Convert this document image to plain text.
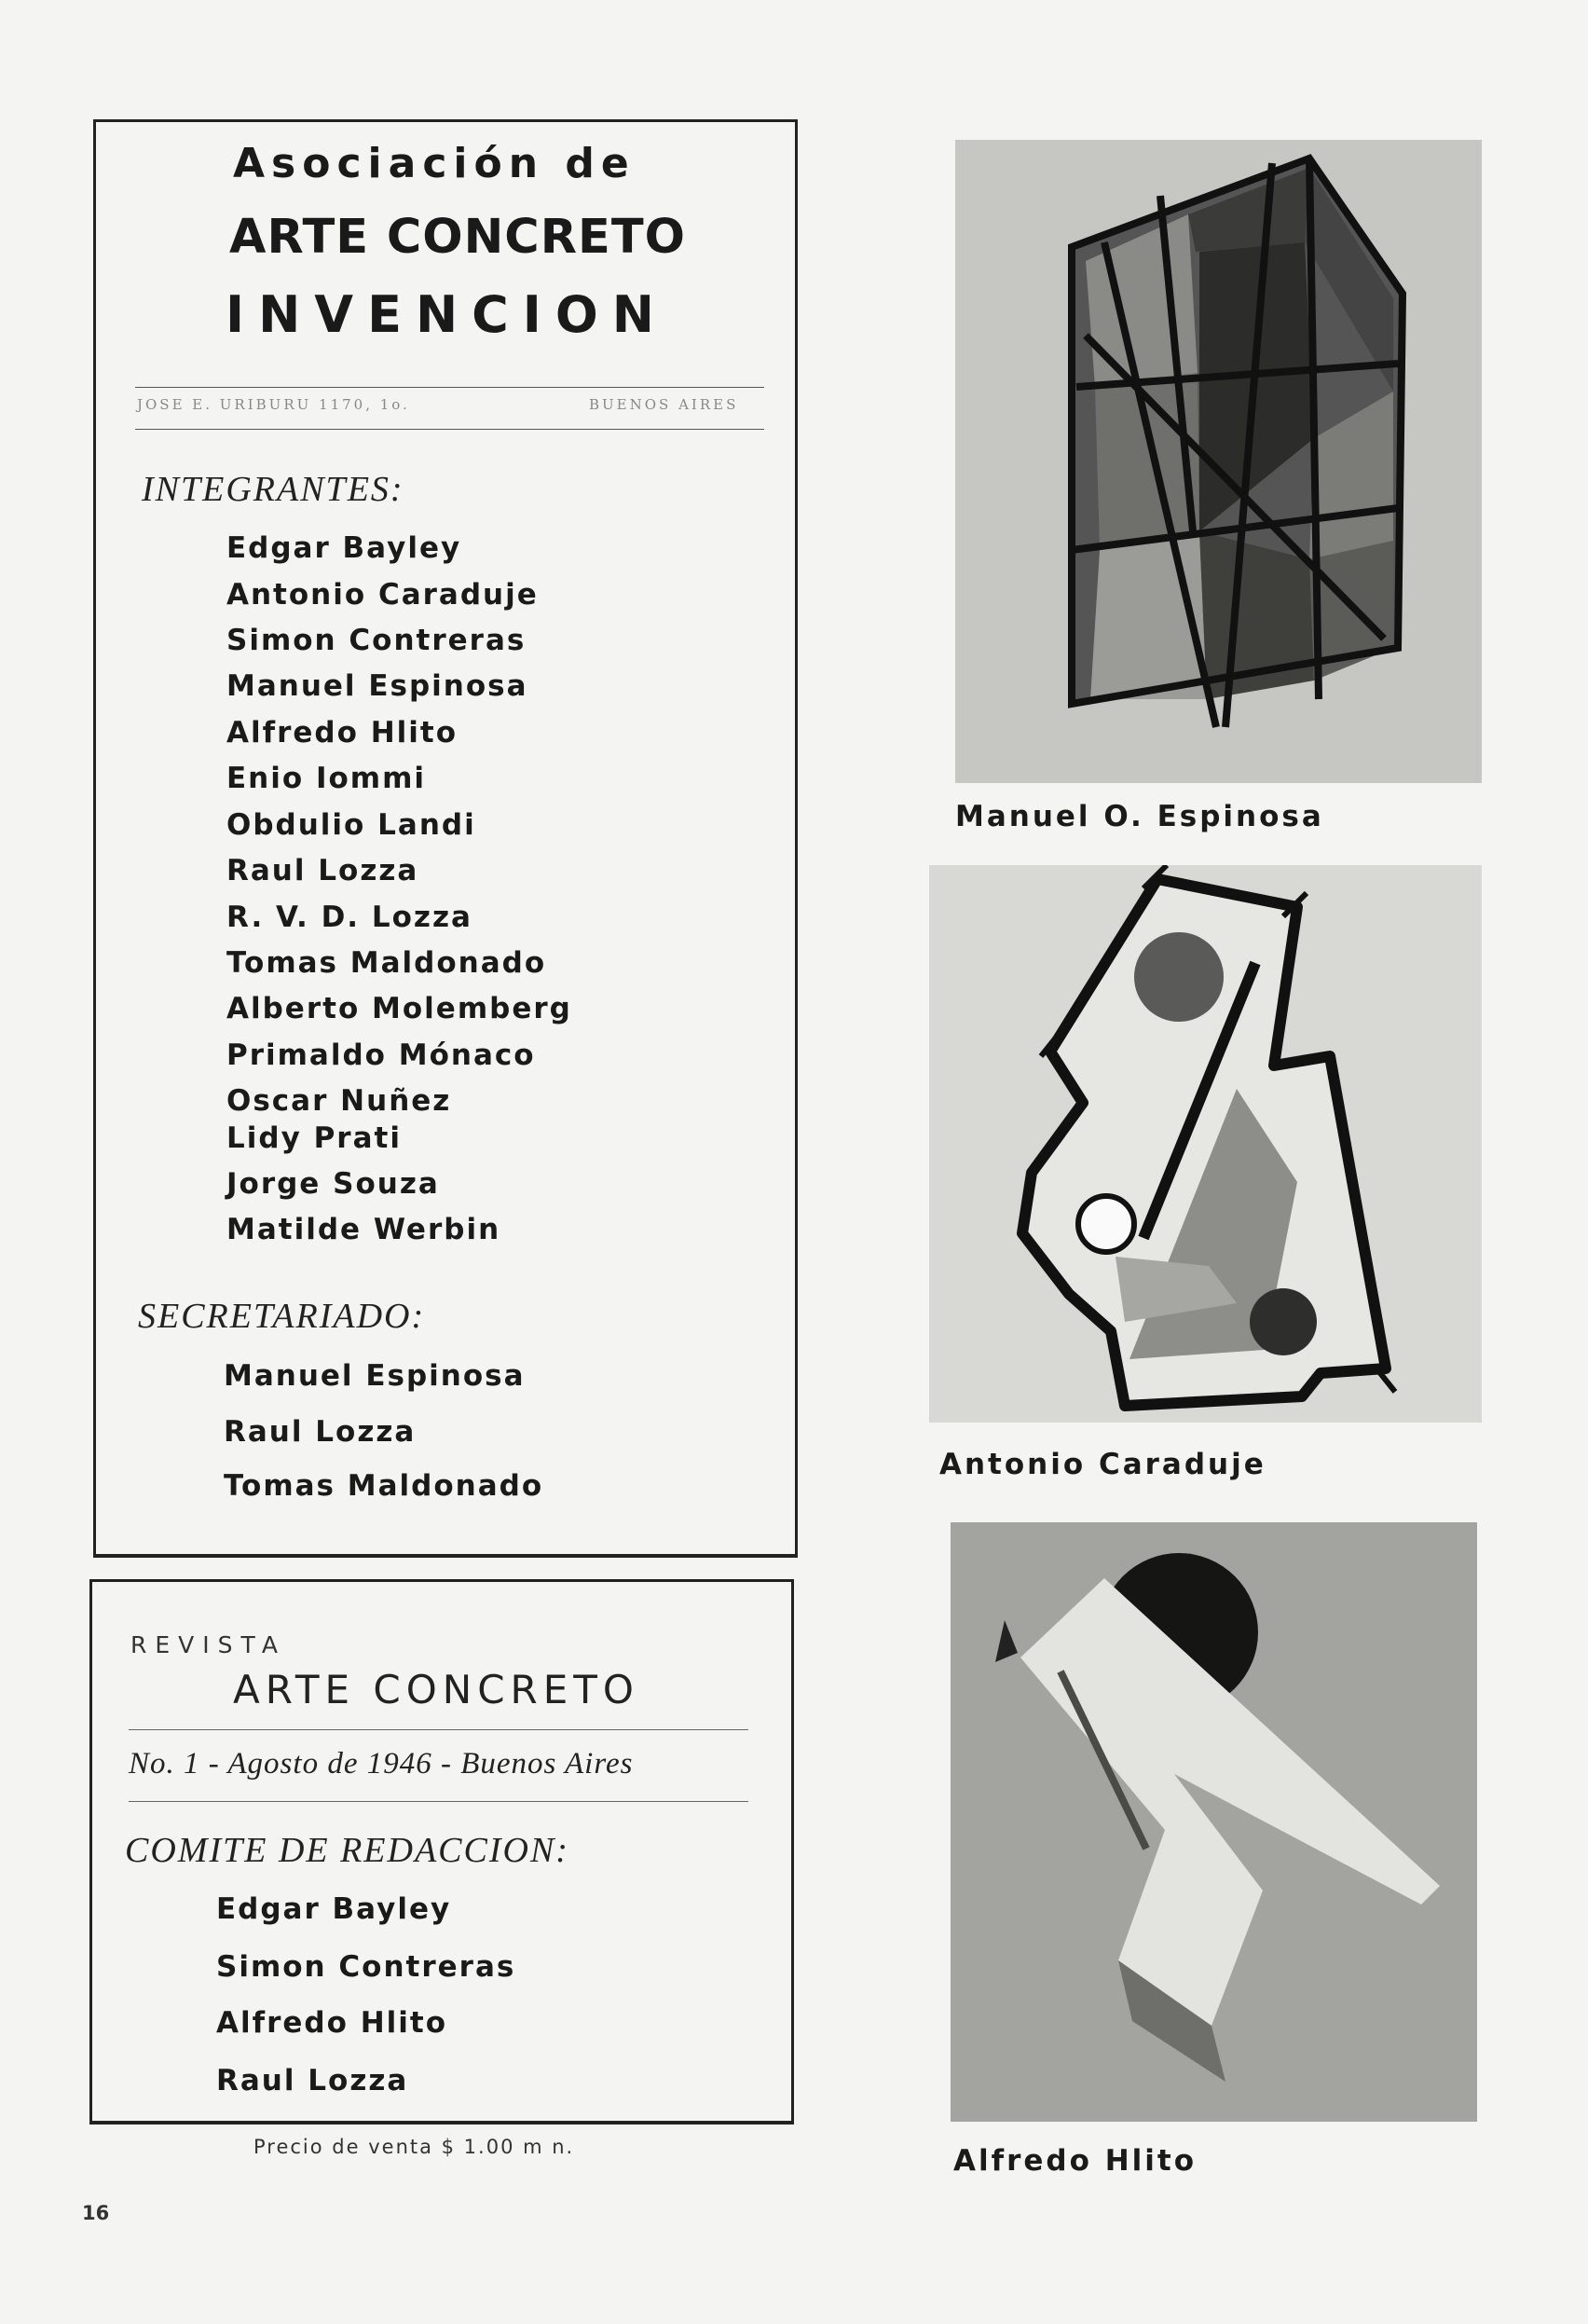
Asociación de
ARTE CONCRETO
INVENCION
JOSE E. URIBURU 1170, 1o.	BUENOS AIRES
INTEGRANTES:
Edgar Bayley
Antonio Caraduje
Simon Contreras
Manuel Espinosa
Alfredo Hlito
Enio Iommi
Obdulio Landi
Raul Lozza
R. V. D. Lozza
Tomas Maldonado
Alberto Molemberg
Primaldo Mónaco
Oscar Nuñez
Lidy Prati
Jorge Souza
Matilde Werbin
SECRETARIADO:
Manuel Espinosa
Raul Lozza
Tomas Maldonado
REVISTA
ARTE CONCRETO
No. 1 - Agosto de 1946 - Buenos Aires
COMITE DE REDACCION:
Edgar Bayley
Simon Contreras
Alfredo Hlito
Raul Lozza
Precio de venta $ 1.00 m n.
16
Manuel O. Espinosa
Antonio Caraduje
Alfredo Hlito
